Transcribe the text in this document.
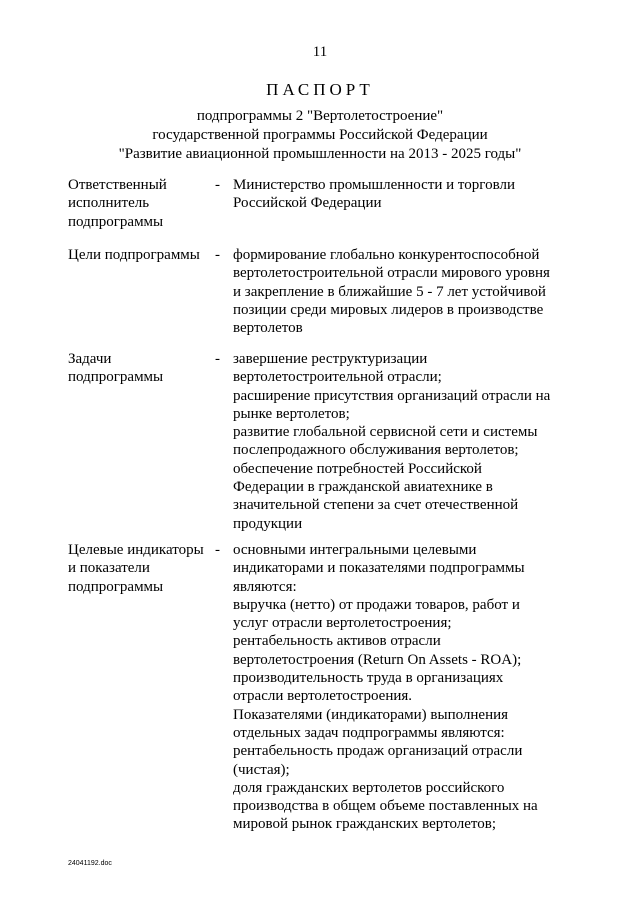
11
ПАСПОРТ
подпрограммы 2 "Вертолетостроение"
государственной программы Российской Федерации
"Развитие авиационной промышленности на 2013 - 2025 годы"
Ответственный
исполнитель
подпрограммы
- Министерство промышленности и торговли
Российской Федерации
Цели подпрограммы	- формирование глобально конкурентоспособной
вертолетостроительной отрасли мирового уровня
и закрепление в ближайшие 5 - 7 лет устойчивой
позиции среди мировых лидеров в производстве
вертолетов
Задачи
подпрограммы
- завершение реструктуризации
вертолетостроительной отрасли;
расширение присутствия организаций отрасли на
рынке вертолетов;
развитие глобальной сервисной сети и системы
послепродажного обслуживания вертолетов;
обеспечение потребностей Российской
Федерации в гражданской авиатехнике в
значительной степени за счет отечественной
продукции
Целевые индикаторы
и показатели
подпрограммы
- основными интегральными целевыми
индикаторами и показателями подпрограммы
являются:
выручка (нетто) от продажи товаров, работ и
услуг отрасли вертолетостроения;
рентабельность активов отрасли
вертолетостроения (Return On Assets - ROA);
производительность труда в организациях
отрасли вертолетостроения.
Показателями (индикаторами) выполнения
отдельных задач подпрограммы являются:
рентабельность продаж организаций отрасли
(чистая);
доля гражданских вертолетов российского
производства в общем объеме поставленных на
мировой рынок гражданских вертолетов;
24041192.doc
